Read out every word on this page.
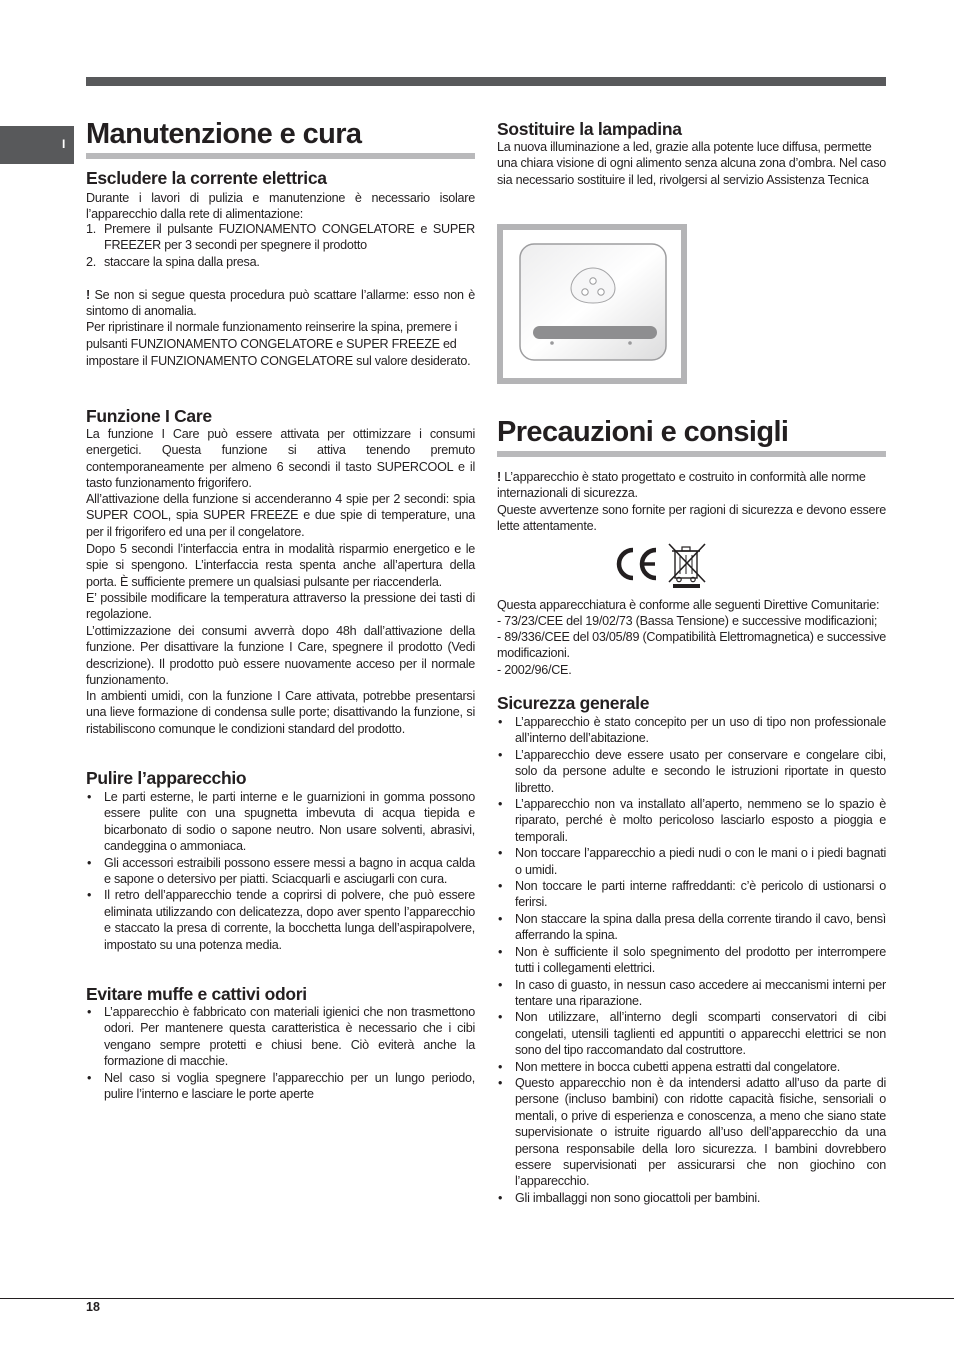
I Manutenzione e cura
Escludere la corrente elettrica

Durante i lavori di pulizia e manutenzione è necessario isolare l’apparecchio dalla rete di alimentazione:

1. Premere il pulsante FUZIONAMENTO CONGELATORE e SUPER FREEZER per 3 secondi per spegnere il prodotto
2. staccare la spina dalla presa.

! Se non si segue questa procedura può scattare l’allarme: esso non è sintomo di anomalia.

Per ripristinare il normale funzionamento reinserire la spina, premere i pulsanti FUNZIONAMENTO CONGELATORE e SUPER FREEZE ed impostare il FUNZIONAMENTO CONGELATORE sul valore desiderato.

Funzione I Care

La funzione I Care può essere attivata per ottimizzare i consumi energetici. Questa funzione si attiva tenendo premuto contemporaneamente per almeno 6 secondi il tasto SUPERCOOL e il tasto funzionamento frigorifero.

All’attivazione della funzione si accenderanno 4 spie per 2 secondi: spia SUPER COOL, spia SUPER FREEZE e due spie di temperature, una per il frigorifero ed una per il congelatore.

Dopo 5 secondi l’interfaccia entra in modalità risparmio energetico e le spie si spengono. L’interfaccia resta spenta anche all’apertura della porta. È sufficiente premere un qualsiasi pulsante per riaccenderla.

E’ possibile modificare la temperatura attraverso la pressione dei tasti di regolazione.

L’ottimizzazione dei consumi avverrà dopo 48h dall’attivazione della funzione. Per disattivare la funzione I Care, spegnere il prodotto (Vedi descrizione). Il prodotto può essere nuovamente acceso per il normale funzionamento.

In ambienti umidi, con la funzione I Care attivata, potrebbe presentarsi una lieve formazione di condensa sulle porte; disattivando la funzione, si ristabiliscono comunque le condizioni standard del prodotto.

Pulire l’apparecchio
• Le parti esterne, le parti interne e le guarnizioni in gomma possono essere pulite con una spugnetta imbevuta di acqua tiepida e bicarbonato di sodio o sapone neutro. Non usare solventi, abrasivi, candeggina o ammoniaca.
• Gli accessori estraibili possono essere messi a bagno in acqua calda e sapone o detersivo per piatti. Sciacquarli e asciugarli con cura.
• Il retro dell’apparecchio tende a coprirsi di polvere, che può essere eliminata utilizzando con delicatezza, dopo aver spento l’apparecchio e staccato la presa di corrente, la bocchetta lunga dell’aspirapolvere, impostato su una potenza media.
Evitare muffe e cattivi odori
• L’apparecchio è fabbricato con materiali igienici che non trasmettono odori. Per mantenere questa caratteristica è necessario che i cibi vengano sempre protetti e chiusi bene. Ciò eviterà anche la formazione di macchie.
• Nel caso si voglia spegnere l’apparecchio per un lungo periodo, pulire l’interno e lasciare le porte aperte
Sostituire la lampadina

La nuova illuminazione a led, grazie alla potente luce diffusa, permette una chiara visione di ogni alimento senza alcuna zona d’ombra. Nel caso sia necessario sostituire il led, rivolgersi al servizio Assistenza Tecnica

Precauzioni e consigli

! L’apparecchio è stato progettato e costruito in conformità alle norme internazionali di sicurezza.

Queste avvertenze sono fornite per ragioni di sicurezza e devono essere lette attentamente.

Questa apparecchiatura è conforme alle seguenti Direttive Comunitarie:

- 73/23/CEE del 19/02/73 (Bassa Tensione) e successive modificazioni;

- 89/336/CEE del 03/05/89 (Compatibilità Elettromagnetica) e successive modificazioni.

- 2002/96/CE.

Sicurezza generale
• L’apparecchio è stato concepito per un uso di tipo non professionale all’interno dell’abitazione.
• L’apparecchio deve essere usato per conservare e congelare cibi, solo da persone adulte e secondo le istruzioni riportate in questo libretto.
• L’apparecchio non va installato all’aperto, nemmeno se lo spazio è riparato, perché è molto pericoloso lasciarlo esposto a pioggia e temporali.
• Non toccare l’apparecchio a piedi nudi o con le mani o i piedi bagnati o umidi.
• Non toccare le parti interne raffreddanti: c’è pericolo di ustionarsi o ferirsi.
• Non staccare la spina dalla presa della corrente tirando il cavo, bensì afferrando la spina.
• Non è sufficiente il solo spegnimento del prodotto per interrompere tutti i collegamenti elettrici.
• In caso di guasto, in nessun caso accedere ai meccanismi interni per tentare una riparazione.
• Non utilizzare, all’interno degli scomparti conservatori di cibi congelati, utensili taglienti ed appuntiti o apparecchi elettrici se non sono del tipo raccomandato dal costruttore.
• Non mettere in bocca cubetti appena estratti dal congelatore.
• Questo apparecchio non è da intendersi adatto all’uso da parte di persone (incluso bambini) con ridotte capacità fisiche, sensoriali o mentali, o prive di esperienza e conoscenza, a meno che siano state supervisionate o istruite riguardo all’uso dell’apparecchio da una persona responsabile della loro sicurezza. I bambini dovrebbero essere supervisionati per assicurarsi che non giochino con l’apparecchio.
• Gli imballaggi non sono giocattoli per bambini.
18
